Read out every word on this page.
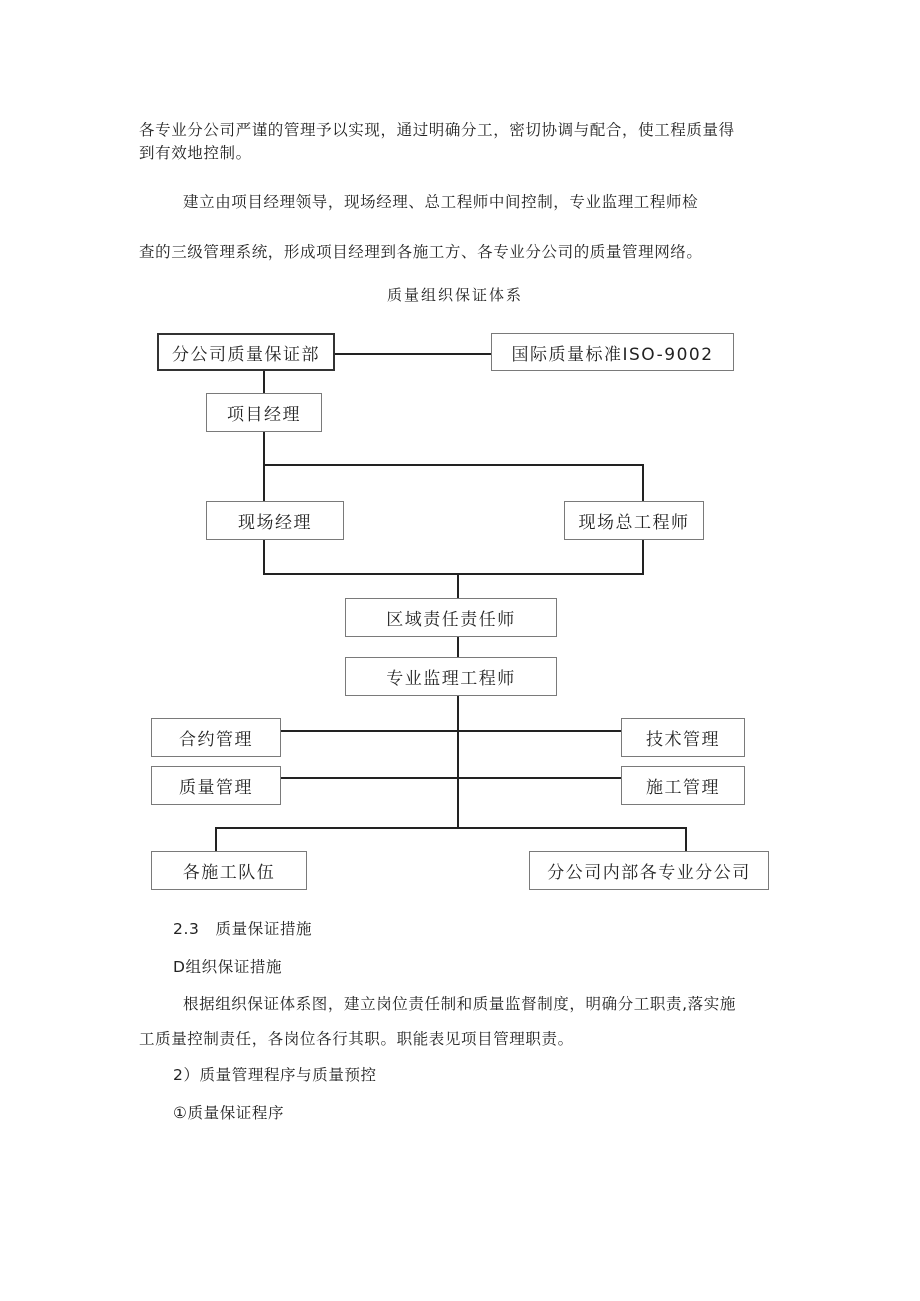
各专业分公司严谨的管理予以实现，通过明确分工，密切协调与配合，使工程质量得
到有效地控制。
建立由项目经理领导，现场经理、总工程师中间控制，专业监理工程师检
查的三级管理系统，形成项目经理到各施工方、各专业分公司的质量管理网络。
质量组织保证体系
分公司质量保证部	国际质量标准ISO-9002
项目经理
现场经理	现场总工程师
区域责任责任师
专业监理工程师
合约管理	技术管理
质量管理	施工管理
各施工队伍	分公司内部各专业分公司
2.3　质量保证措施
D组织保证措施
根据组织保证体系图，建立岗位责任制和质量监督制度，明确分工职责,落实施
工质量控制责任，各岗位各行其职。职能表见项目管理职责。
2）质量管理程序与质量预控
①质量保证程序
